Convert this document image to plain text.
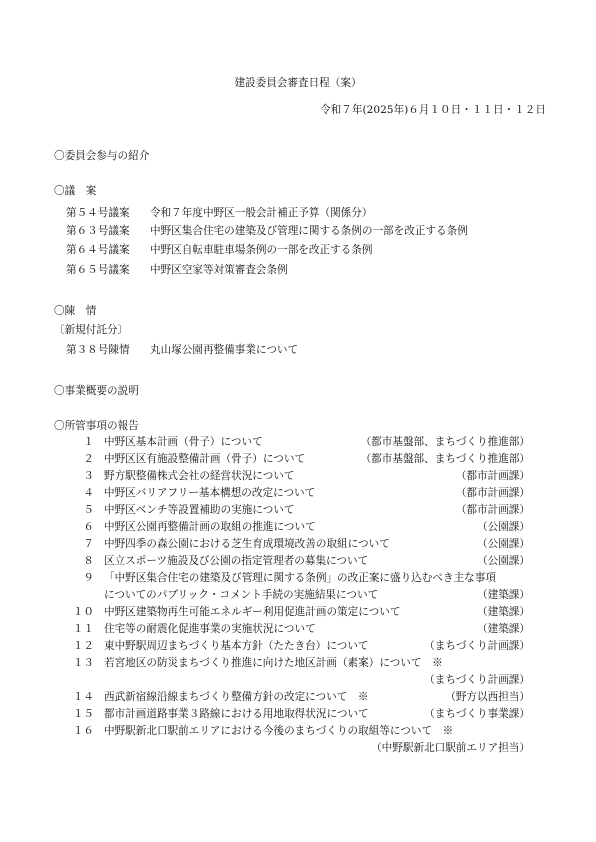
建設委員会審査日程（案）
令和７年(2025年)６月１０日・１１日・１２日
〇委員会参与の紹介
〇議　案
第５４号議案 令和７年度中野区一般会計補正予算（関係分）
第６３号議案 中野区集合住宅の建築及び管理に関する条例の一部を改正する条例
第６４号議案 中野区自転車駐車場条例の一部を改正する条例
第６５号議案 中野区空家等対策審査会条例
〇陳　情
〔新規付託分〕
第３８号陳情 丸山塚公園再整備事業について
〇事業概要の説明
〇所管事項の報告
１ 中野区基本計画（骨子）について	（都市基盤部、まちづくり推進部）
２ 中野区区有施設整備計画（骨子）について	（都市基盤部、まちづくり推進部）
３ 野方駅整備株式会社の経営状況について	（都市計画課）
４ 中野区バリアフリー基本構想の改定について	（都市計画課）
５ 中野区ベンチ等設置補助の実施について	（都市計画課）
６ 中野区公園再整備計画の取組の推進について	（公園課）
７ 中野四季の森公園における芝生育成環境改善の取組について	（公園課）
８ 区立スポーツ施設及び公園の指定管理者の募集について	（公園課）
９ 「中野区集合住宅の建築及び管理に関する条例」の改正案に盛り込むべき主な事項
についてのパブリック・コメント手続の実施結果について	（建築課）
１０ 中野区建築物再生可能エネルギー利用促進計画の策定について	（建築課）
１１ 住宅等の耐震化促進事業の実施状況について	（建築課）
１２ 東中野駅周辺まちづくり基本方針（たたき台）について	（まちづくり計画課）
１３ 若宮地区の防災まちづくり推進に向けた地区計画（素案）について　※
（まちづくり計画課）
１４ 西武新宿線沿線まちづくり整備方針の改定について　※	（野方以西担当）
１５ 都市計画道路事業３路線における用地取得状況について	（まちづくり事業課）
１６ 中野駅新北口駅前エリアにおける今後のまちづくりの取組等について　※
（中野駅新北口駅前エリア担当）
